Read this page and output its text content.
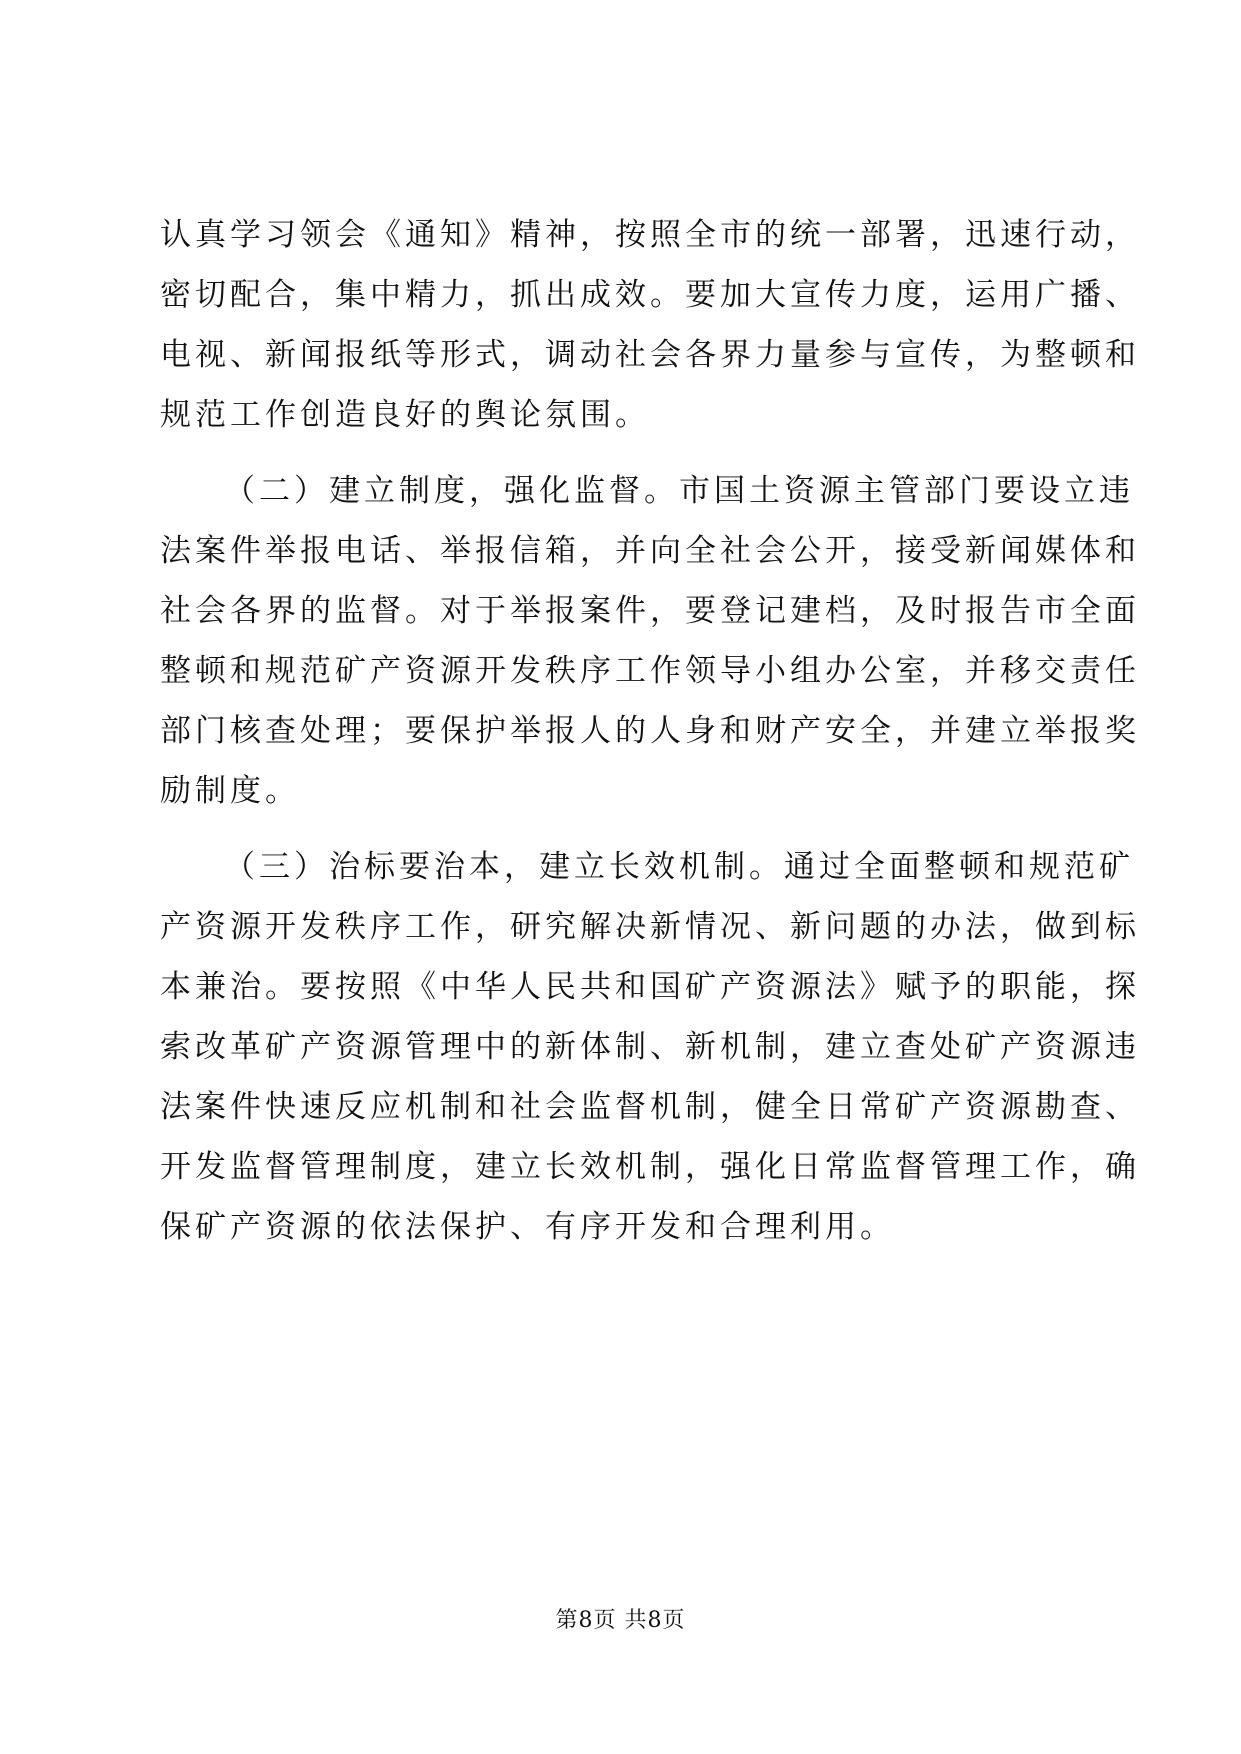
认真学习领会《通知》精神，按照全市的统一部署，迅速行动，
密切配合，集中精力，抓出成效。要加大宣传力度，运用广播、
电视、新闻报纸等形式，调动社会各界力量参与宣传，为整顿和
规范工作创造良好的舆论氛围。
（二）建立制度，强化监督。市国土资源主管部门要设立违
法案件举报电话、举报信箱，并向全社会公开，接受新闻媒体和
社会各界的监督。对于举报案件，要登记建档，及时报告市全面
整顿和规范矿产资源开发秩序工作领导小组办公室，并移交责任
部门核查处理；要保护举报人的人身和财产安全，并建立举报奖
励制度。
（三）治标要治本，建立长效机制。通过全面整顿和规范矿
产资源开发秩序工作，研究解决新情况、新问题的办法，做到标
本兼治。要按照《中华人民共和国矿产资源法》赋予的职能，探
索改革矿产资源管理中的新体制、新机制，建立查处矿产资源违
法案件快速反应机制和社会监督机制，健全日常矿产资源勘查、
开发监督管理制度，建立长效机制，强化日常监督管理工作，确
保矿产资源的依法保护、有序开发和合理利用。
第8页 共8页
